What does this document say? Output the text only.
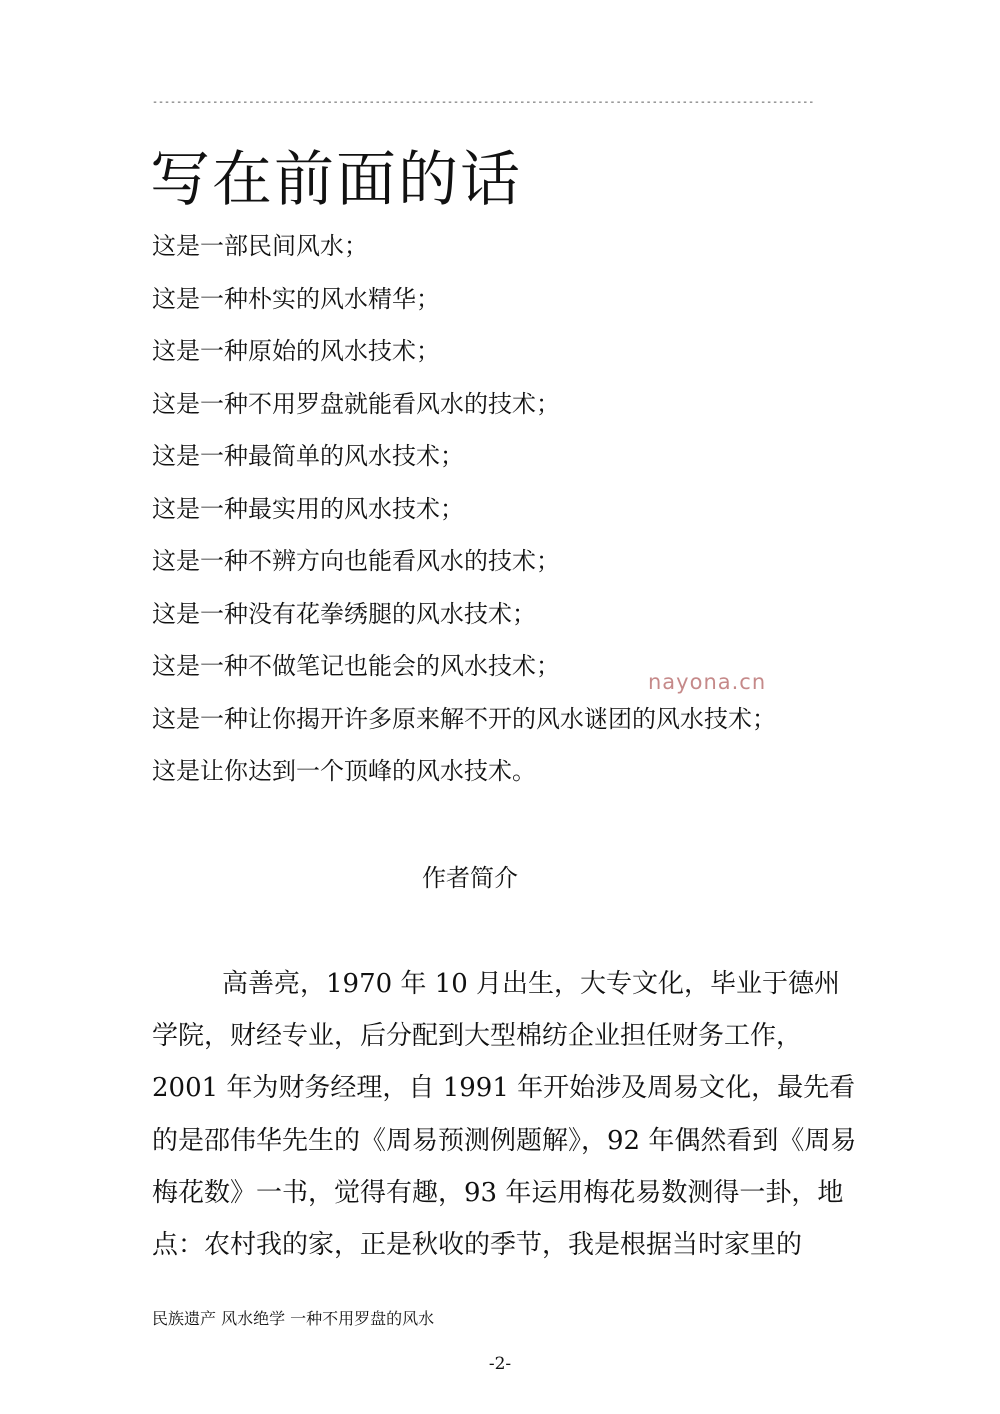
--------------------------------------------------------------------------------------------------------------
写在前面的话
这是一部民间风水；
这是一种朴实的风水精华；
这是一种原始的风水技术；
这是一种不用罗盘就能看风水的技术；
这是一种最简单的风水技术；
这是一种最实用的风水技术；
这是一种不辨方向也能看风水的技术；
这是一种没有花拳绣腿的风水技术；
这是一种不做笔记也能会的风水技术；
这是一种让你揭开许多原来解不开的风水谜团的风水技术；
这是让你达到一个顶峰的风水技术。
nayona.cn
作者简介
高善亮，1970 年 10 月出生，大专文化，毕业于德州
学院，财经专业，后分配到大型棉纺企业担任财务工作，
2001 年为财务经理，自 1991 年开始涉及周易文化，最先看
的是邵伟华先生的《周易预测例题解》，92 年偶然看到《周易
梅花数》一书，觉得有趣，93 年运用梅花易数测得一卦，地
点：农村我的家，正是秋收的季节，我是根据当时家里的
民族遗产 风水绝学 一种不用罗盘的风水
-2-
